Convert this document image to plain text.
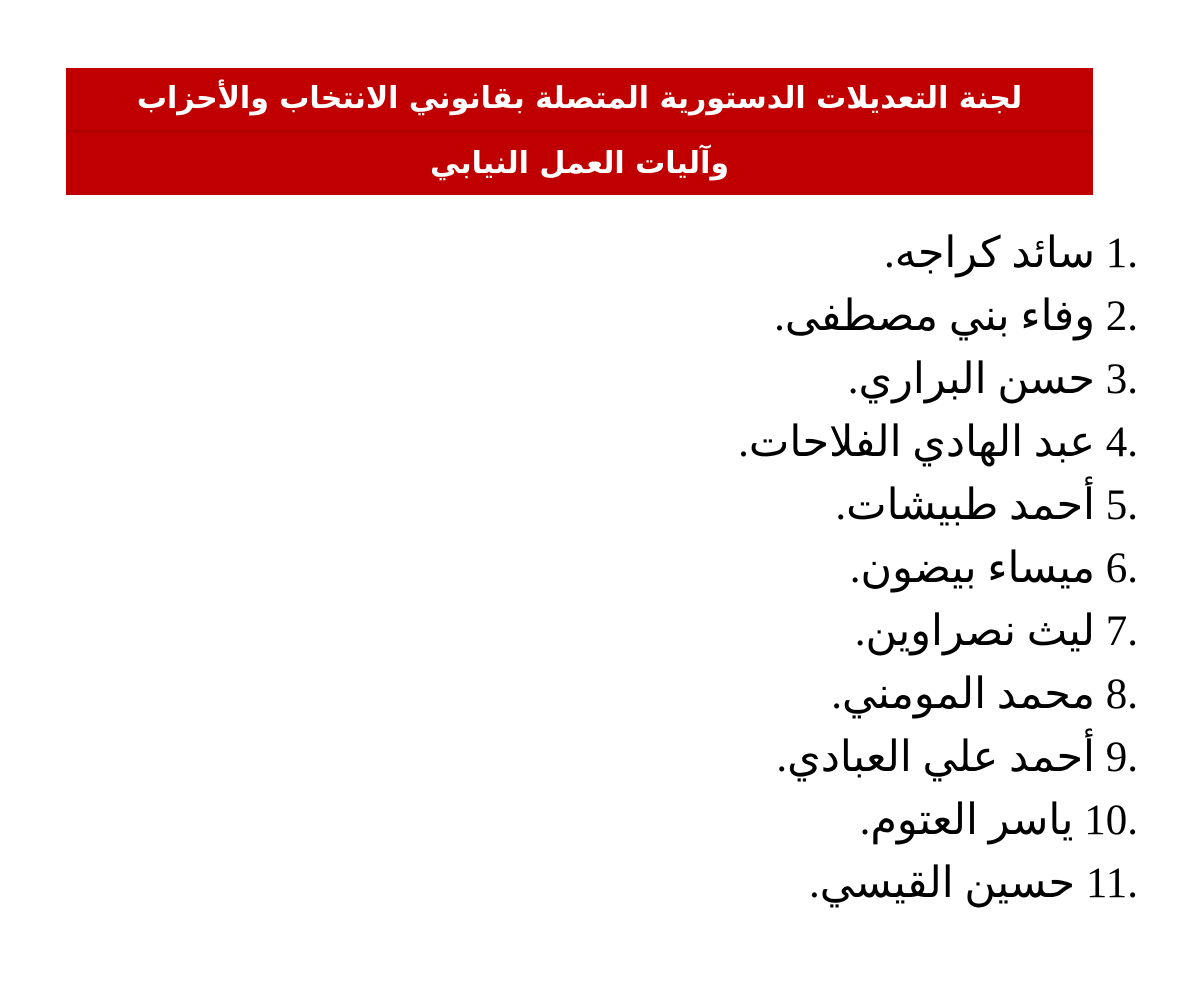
لجنة التعديلات الدستورية المتصلة بقانوني الانتخاب والأحزاب
وآليات العمل النيابي
1. سائد كراجه.
2. وفاء بني مصطفى.
3. حسن البراري.
4. عبد الهادي الفلاحات.
5. أحمد طبيشات.
6. ميساء بيضون.
7. ليث نصراوين.
8. محمد المومني.
9. أحمد علي العبادي.
10. ياسر العتوم.
11. حسين القيسي.
